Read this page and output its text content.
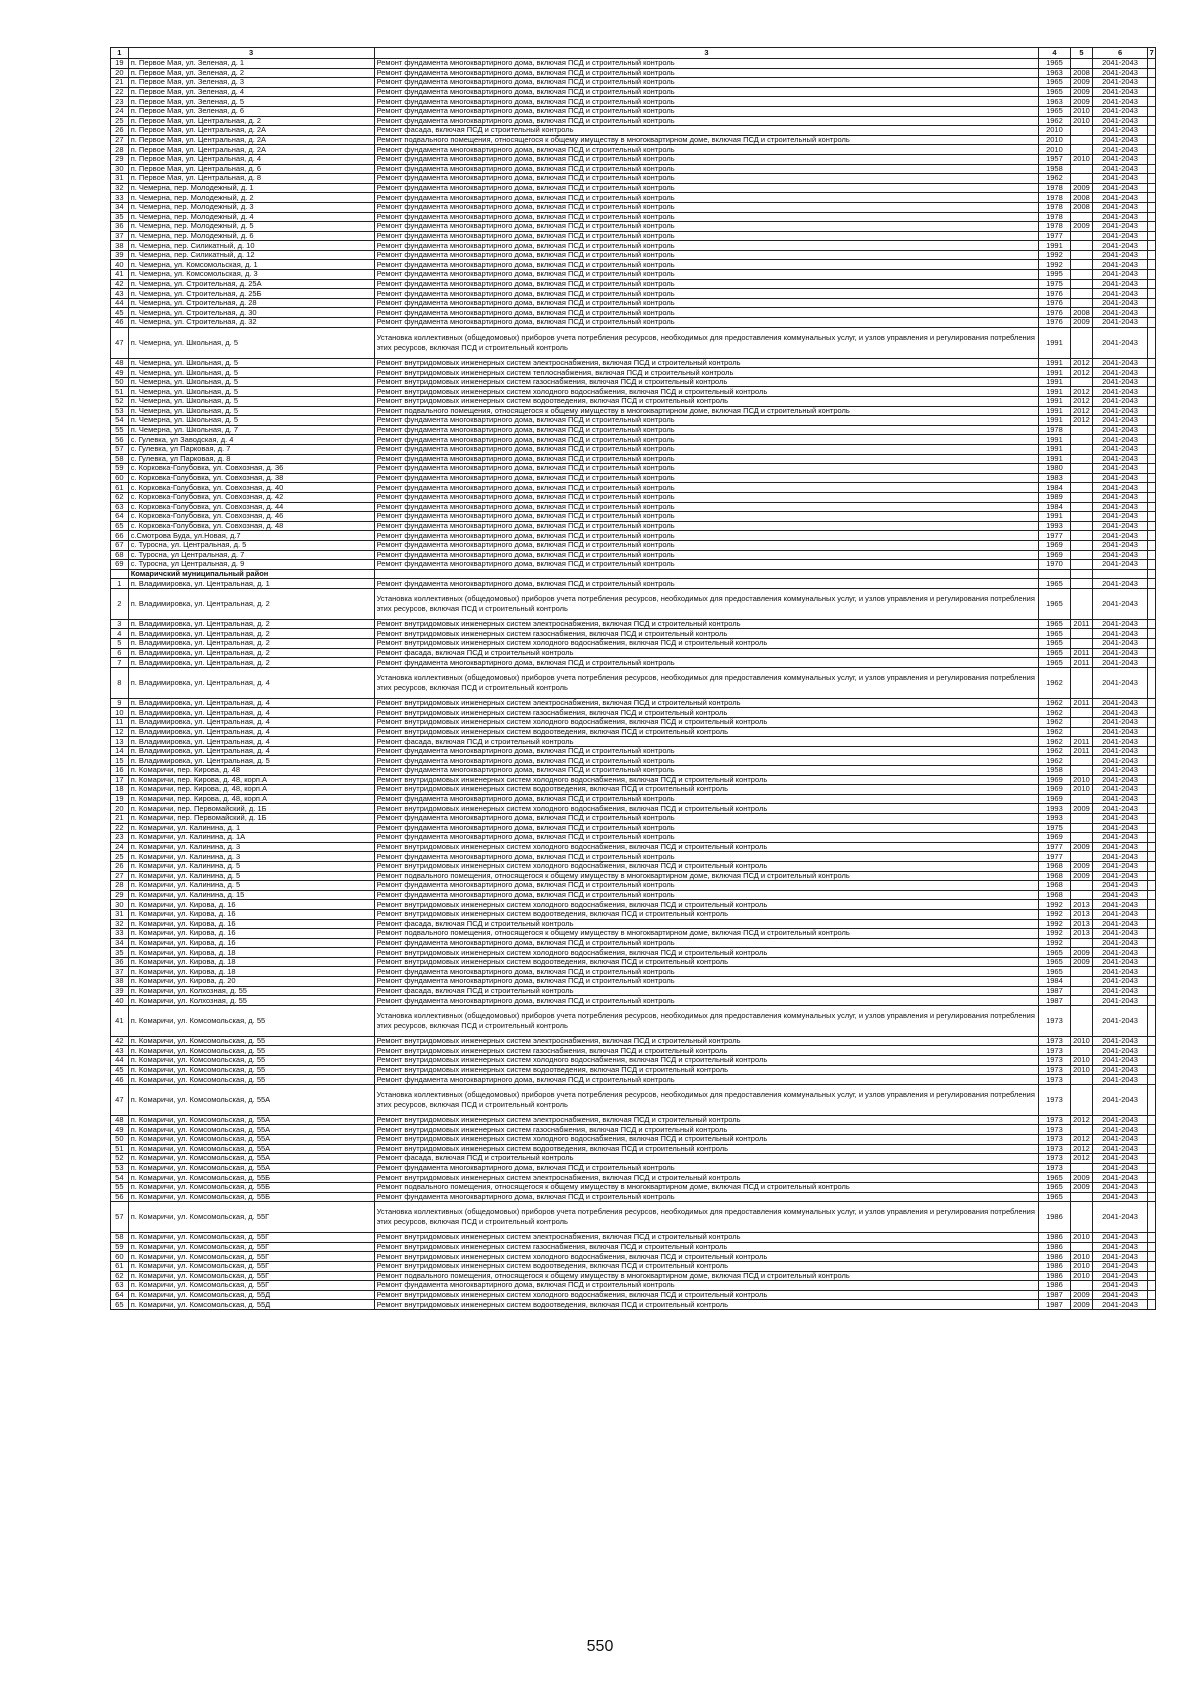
1	3	3	4	5	6	7
19	п. Первое Мая, ул. Зеленая, д. 1	Ремонт фундамента многоквартирного дома, включая ПСД и строительный контроль	1965		2041-2043	
20	п. Первое Мая, ул. Зеленая, д. 2	Ремонт фундамента многоквартирного дома, включая ПСД и строительный контроль	1963	2008	2041-2043	
21	п. Первое Мая, ул. Зеленая, д. 3	Ремонт фундамента многоквартирного дома, включая ПСД и строительный контроль	1965	2009	2041-2043	
22	п. Первое Мая, ул. Зеленая, д. 4	Ремонт фундамента многоквартирного дома, включая ПСД и строительный контроль	1965	2009	2041-2043	
23	п. Первое Мая, ул. Зеленая, д. 5	Ремонт фундамента многоквартирного дома, включая ПСД и строительный контроль	1963	2009	2041-2043	
24	п. Первое Мая, ул. Зеленая, д. 6	Ремонт фундамента многоквартирного дома, включая ПСД и строительный контроль	1965	2010	2041-2043	
25	п. Первое Мая, ул. Центральная, д. 2	Ремонт фундамента многоквартирного дома, включая ПСД и строительный контроль	1962	2010	2041-2043	
26	п. Первое Мая, ул. Центральная, д. 2А	Ремонт фасада, включая ПСД и строительный контроль	2010		2041-2043	
27	п. Первое Мая, ул. Центральная, д. 2А	Ремонт подвального помещения, относящегося к общему имуществу в многоквартирном доме, включая ПСД и строительный контроль	2010		2041-2043	
28	п. Первое Мая, ул. Центральная, д. 2А	Ремонт фундамента многоквартирного дома, включая ПСД и строительный контроль	2010		2041-2043	
29	п. Первое Мая, ул. Центральная, д. 4	Ремонт фундамента многоквартирного дома, включая ПСД и строительный контроль	1957	2010	2041-2043	
30	п. Первое Мая, ул. Центральная, д. 6	Ремонт фундамента многоквартирного дома, включая ПСД и строительный контроль	1958		2041-2043	
31	п. Первое Мая, ул. Центральная, д. 8	Ремонт фундамента многоквартирного дома, включая ПСД и строительный контроль	1962		2041-2043	
32	п. Чемерна, пер. Молодежный, д. 1	Ремонт фундамента многоквартирного дома, включая ПСД и строительный контроль	1978	2009	2041-2043	
33	п. Чемерна, пер. Молодежный, д. 2	Ремонт фундамента многоквартирного дома, включая ПСД и строительный контроль	1978	2008	2041-2043	
34	п. Чемерна, пер. Молодежный, д. 3	Ремонт фундамента многоквартирного дома, включая ПСД и строительный контроль	1978	2008	2041-2043	
35	п. Чемерна, пер. Молодежный, д. 4	Ремонт фундамента многоквартирного дома, включая ПСД и строительный контроль	1978		2041-2043	
36	п. Чемерна, пер. Молодежный, д. 5	Ремонт фундамента многоквартирного дома, включая ПСД и строительный контроль	1978	2009	2041-2043	
37	п. Чемерна, пер. Молодежный, д. 6	Ремонт фундамента многоквартирного дома, включая ПСД и строительный контроль	1977		2041-2043	
38	п. Чемерна, пер. Силикатный, д. 10	Ремонт фундамента многоквартирного дома, включая ПСД и строительный контроль	1991		2041-2043	
39	п. Чемерна, пер. Силикатный, д. 12	Ремонт фундамента многоквартирного дома, включая ПСД и строительный контроль	1992		2041-2043	
40	п. Чемерна, ул. Комсомольская, д. 1	Ремонт фундамента многоквартирного дома, включая ПСД и строительный контроль	1992		2041-2043	
41	п. Чемерна, ул. Комсомольская, д. 3	Ремонт фундамента многоквартирного дома, включая ПСД и строительный контроль	1995		2041-2043	
42	п. Чемерна, ул. Строительная, д. 25А	Ремонт фундамента многоквартирного дома, включая ПСД и строительный контроль	1975		2041-2043	
43	п. Чемерна, ул. Строительная, д. 25Б	Ремонт фундамента многоквартирного дома, включая ПСД и строительный контроль	1976		2041-2043	
44	п. Чемерна, ул. Строительная, д. 28	Ремонт фундамента многоквартирного дома, включая ПСД и строительный контроль	1976		2041-2043	
45	п. Чемерна, ул. Строительная, д. 30	Ремонт фундамента многоквартирного дома, включая ПСД и строительный контроль	1976	2008	2041-2043	
46	п. Чемерна, ул. Строительная, д. 32	Ремонт фундамента многоквартирного дома, включая ПСД и строительный контроль	1976	2009	2041-2043	
47	п. Чемерна, ул. Школьная, д. 5	Установка коллективных (общедомовых) приборов учета потребления ресурсов, необходимых для предоставления коммунальных услуг, и узлов управления и регулирования потребления этих ресурсов, включая ПСД и строительный контроль	1991		2041-2043	
48	п. Чемерна, ул. Школьная, д. 5	Ремонт внутридомовых инженерных систем электроснабжения, включая ПСД и строительный контроль	1991	2012	2041-2043	
49	п. Чемерна, ул. Школьная, д. 5	Ремонт внутридомовых инженерных систем теплоснабжения, включая ПСД и строительный контроль	1991	2012	2041-2043	
50	п. Чемерна, ул. Школьная, д. 5	Ремонт внутридомовых инженерных систем газоснабжения, включая ПСД и строительный контроль	1991		2041-2043	
51	п. Чемерна, ул. Школьная, д. 5	Ремонт внутридомовых инженерных систем холодного водоснабжения, включая ПСД и строительный контроль	1991	2012	2041-2043	
52	п. Чемерна, ул. Школьная, д. 5	Ремонт внутридомовых инженерных систем водоотведения, включая ПСД и строительный контроль	1991	2012	2041-2043	
53	п. Чемерна, ул. Школьная, д. 5	Ремонт подвального помещения, относящегося к общему имуществу в многоквартирном доме, включая ПСД и строительный контроль	1991	2012	2041-2043	
54	п. Чемерна, ул. Школьная, д. 5	Ремонт фундамента многоквартирного дома, включая ПСД и строительный контроль	1991	2012	2041-2043	
55	п. Чемерна, ул. Школьная, д. 7	Ремонт фундамента многоквартирного дома, включая ПСД и строительный контроль	1978		2041-2043	
56	с. Гулевка, ул Заводская, д. 4	Ремонт фундамента многоквартирного дома, включая ПСД и строительный контроль	1991		2041-2043	
57	с. Гулевка, ул Парковая, д. 7	Ремонт фундамента многоквартирного дома, включая ПСД и строительный контроль	1991		2041-2043	
58	с. Гулевка, ул Парковая, д. 8	Ремонт фундамента многоквартирного дома, включая ПСД и строительный контроль	1991		2041-2043	
59	с. Корковка-Голубовка, ул. Совхозная, д. 36	Ремонт фундамента многоквартирного дома, включая ПСД и строительный контроль	1980		2041-2043	
60	с. Корковка-Голубовка, ул. Совхозная, д. 38	Ремонт фундамента многоквартирного дома, включая ПСД и строительный контроль	1983		2041-2043	
61	с. Корковка-Голубовка, ул. Совхозная, д. 40	Ремонт фундамента многоквартирного дома, включая ПСД и строительный контроль	1984		2041-2043	
62	с. Корковка-Голубовка, ул. Совхозная, д. 42	Ремонт фундамента многоквартирного дома, включая ПСД и строительный контроль	1989		2041-2043	
63	с. Корковка-Голубовка, ул. Совхозная, д. 44	Ремонт фундамента многоквартирного дома, включая ПСД и строительный контроль	1984		2041-2043	
64	с. Корковка-Голубовка, ул. Совхозная, д. 46	Ремонт фундамента многоквартирного дома, включая ПСД и строительный контроль	1991		2041-2043	
65	с. Корковка-Голубовка, ул. Совхозная, д. 48	Ремонт фундамента многоквартирного дома, включая ПСД и строительный контроль	1993		2041-2043	
66	с.Смотрова Буда, ул.Новая, д.7	Ремонт фундамента многоквартирного дома, включая ПСД и строительный контроль	1977		2041-2043	
67	с. Туросна, ул. Центральная, д. 5	Ремонт фундамента многоквартирного дома, включая ПСД и строительный контроль	1969		2041-2043	
68	с. Туросна, ул Центральная, д. 7	Ремонт фундамента многоквартирного дома, включая ПСД и строительный контроль	1969		2041-2043	
69	с. Туросна, ул Центральная, д. 9	Ремонт фундамента многоквартирного дома, включая ПСД и строительный контроль	1970		2041-2043	
	Комаричский муниципальный район					
1	п. Владимировка, ул. Центральная, д. 1	Ремонт фундамента многоквартирного дома, включая ПСД и строительный контроль	1965		2041-2043	
2	п. Владимировка, ул. Центральная, д. 2	Установка коллективных (общедомовых) приборов учета потребления ресурсов, необходимых для предоставления коммунальных услуг, и узлов управления и регулирования потребления этих ресурсов, включая ПСД и строительный контроль	1965		2041-2043	
3	п. Владимировка, ул. Центральная, д. 2	Ремонт внутридомовых инженерных систем электроснабжения, включая ПСД и строительный контроль	1965	2011	2041-2043	
4	п. Владимировка, ул. Центральная, д. 2	Ремонт внутридомовых инженерных систем газоснабжения, включая ПСД и строительный контроль	1965		2041-2043	
5	п. Владимировка, ул. Центральная, д. 2	Ремонт внутридомовых инженерных систем холодного водоснабжения, включая ПСД и строительный контроль	1965		2041-2043	
6	п. Владимировка, ул. Центральная, д. 2	Ремонт фасада, включая ПСД и строительный контроль	1965	2011	2041-2043	
7	п. Владимировка, ул. Центральная, д. 2	Ремонт фундамента многоквартирного дома, включая ПСД и строительный контроль	1965	2011	2041-2043	
8	п. Владимировка, ул. Центральная, д. 4	Установка коллективных (общедомовых) приборов учета потребления ресурсов, необходимых для предоставления коммунальных услуг, и узлов управления и регулирования потребления этих ресурсов, включая ПСД и строительный контроль	1962		2041-2043	
9	п. Владимировка, ул. Центральная, д. 4	Ремонт внутридомовых инженерных систем электроснабжения, включая ПСД и строительный контроль	1962	2011	2041-2043	
10	п. Владимировка, ул. Центральная, д. 4	Ремонт внутридомовых инженерных систем газоснабжения, включая ПСД и строительный контроль	1962		2041-2043	
11	п. Владимировка, ул. Центральная, д. 4	Ремонт внутридомовых инженерных систем холодного водоснабжения, включая ПСД и строительный контроль	1962		2041-2043	
12	п. Владимировка, ул. Центральная, д. 4	Ремонт внутридомовых инженерных систем водоотведения, включая ПСД и строительный контроль	1962		2041-2043	
13	п. Владимировка, ул. Центральная, д. 4	Ремонт фасада, включая ПСД и строительный контроль	1962	2011	2041-2043	
14	п. Владимировка, ул. Центральная, д. 4	Ремонт фундамента многоквартирного дома, включая ПСД и строительный контроль	1962	2011	2041-2043	
15	п. Владимировка, ул. Центральная, д. 5	Ремонт фундамента многоквартирного дома, включая ПСД и строительный контроль	1962		2041-2043	
16	п. Комаричи, пер. Кирова, д. 48	Ремонт фундамента многоквартирного дома, включая ПСД и строительный контроль	1958		2041-2043	
17	п. Комаричи, пер. Кирова, д. 48, корп.А	Ремонт внутридомовых инженерных систем холодного водоснабжения, включая ПСД и строительный контроль	1969	2010	2041-2043	
18	п. Комаричи, пер. Кирова, д. 48, корп.А	Ремонт внутридомовых инженерных систем водоотведения, включая ПСД и строительный контроль	1969	2010	2041-2043	
19	п. Комаричи, пер. Кирова, д. 48, корп.А	Ремонт фундамента многоквартирного дома, включая ПСД и строительный контроль	1969		2041-2043	
20	п. Комаричи, пер. Первомайский, д. 1Б	Ремонт внутридомовых инженерных систем холодного водоснабжения, включая ПСД и строительный контроль	1993	2009	2041-2043	
21	п. Комаричи, пер. Первомайский, д. 1Б	Ремонт фундамента многоквартирного дома, включая ПСД и строительный контроль	1993		2041-2043	
22	п. Комаричи, ул. Калинина, д. 1	Ремонт фундамента многоквартирного дома, включая ПСД и строительный контроль	1975		2041-2043	
23	п. Комаричи, ул. Калинина, д. 1А	Ремонт фундамента многоквартирного дома, включая ПСД и строительный контроль	1969		2041-2043	
24	п. Комаричи, ул. Калинина, д. 3	Ремонт внутридомовых инженерных систем холодного водоснабжения, включая ПСД и строительный контроль	1977	2009	2041-2043	
25	п. Комаричи, ул. Калинина, д. 3	Ремонт фундамента многоквартирного дома, включая ПСД и строительный контроль	1977		2041-2043	
26	п. Комаричи, ул. Калинина, д. 5	Ремонт внутридомовых инженерных систем холодного водоснабжения, включая ПСД и строительный контроль	1968	2009	2041-2043	
27	п. Комаричи, ул. Калинина, д. 5	Ремонт подвального помещения, относящегося к общему имуществу в многоквартирном доме, включая ПСД и строительный контроль	1968	2009	2041-2043	
28	п. Комаричи, ул. Калинина, д. 5	Ремонт фундамента многоквартирного дома, включая ПСД и строительный контроль	1968		2041-2043	
29	п. Комаричи, ул. Калинина, д. 15	Ремонт фундамента многоквартирного дома, включая ПСД и строительный контроль	1968		2041-2043	
30	п. Комаричи, ул. Кирова, д. 16	Ремонт внутридомовых инженерных систем холодного водоснабжения, включая ПСД и строительный контроль	1992	2013	2041-2043	
31	п. Комаричи, ул. Кирова, д. 16	Ремонт внутридомовых инженерных систем водоотведения, включая ПСД и строительный контроль	1992	2013	2041-2043	
32	п. Комаричи, ул. Кирова, д. 16	Ремонт фасада, включая ПСД и строительный контроль	1992	2013	2041-2043	
33	п. Комаричи, ул. Кирова, д. 16	Ремонт подвального помещения, относящегося к общему имуществу в многоквартирном доме, включая ПСД и строительный контроль	1992	2013	2041-2043	
34	п. Комаричи, ул. Кирова, д. 16	Ремонт фундамента многоквартирного дома, включая ПСД и строительный контроль	1992		2041-2043	
35	п. Комаричи, ул. Кирова, д. 18	Ремонт внутридомовых инженерных систем холодного водоснабжения, включая ПСД и строительный контроль	1965	2009	2041-2043	
36	п. Комаричи, ул. Кирова, д. 18	Ремонт внутридомовых инженерных систем водоотведения, включая ПСД и строительный контроль	1965	2009	2041-2043	
37	п. Комаричи, ул. Кирова, д. 18	Ремонт фундамента многоквартирного дома, включая ПСД и строительный контроль	1965		2041-2043	
38	п. Комаричи, ул. Кирова, д. 20	Ремонт фундамента многоквартирного дома, включая ПСД и строительный контроль	1984		2041-2043	
39	п. Комаричи, ул. Колхозная, д. 55	Ремонт фасада, включая ПСД и строительный контроль	1987		2041-2043	
40	п. Комаричи, ул. Колхозная, д. 55	Ремонт фундамента многоквартирного дома, включая ПСД и строительный контроль	1987		2041-2043	
41	п. Комаричи, ул. Комсомольская, д. 55	Установка коллективных (общедомовых) приборов учета потребления ресурсов, необходимых для предоставления коммунальных услуг, и узлов управления и регулирования потребления этих ресурсов, включая ПСД и строительный контроль	1973		2041-2043	
42	п. Комаричи, ул. Комсомольская, д. 55	Ремонт внутридомовых инженерных систем электроснабжения, включая ПСД и строительный контроль	1973	2010	2041-2043	
43	п. Комаричи, ул. Комсомольская, д. 55	Ремонт внутридомовых инженерных систем газоснабжения, включая ПСД и строительный контроль	1973		2041-2043	
44	п. Комаричи, ул. Комсомольская, д. 55	Ремонт внутридомовых инженерных систем холодного водоснабжения, включая ПСД и строительный контроль	1973	2010	2041-2043	
45	п. Комаричи, ул. Комсомольская, д. 55	Ремонт внутридомовых инженерных систем водоотведения, включая ПСД и строительный контроль	1973	2010	2041-2043	
46	п. Комаричи, ул. Комсомольская, д. 55	Ремонт фундамента многоквартирного дома, включая ПСД и строительный контроль	1973		2041-2043	
47	п. Комаричи, ул. Комсомольская, д. 55А	Установка коллективных (общедомовых) приборов учета потребления ресурсов, необходимых для предоставления коммунальных услуг, и узлов управления и регулирования потребления этих ресурсов, включая ПСД и строительный контроль	1973		2041-2043	
48	п. Комаричи, ул. Комсомольская, д. 55А	Ремонт внутридомовых инженерных систем электроснабжения, включая ПСД и строительный контроль	1973	2012	2041-2043	
49	п. Комаричи, ул. Комсомольская, д. 55А	Ремонт внутридомовых инженерных систем газоснабжения, включая ПСД и строительный контроль	1973		2041-2043	
50	п. Комаричи, ул. Комсомольская, д. 55А	Ремонт внутридомовых инженерных систем холодного водоснабжения, включая ПСД и строительный контроль	1973	2012	2041-2043	
51	п. Комаричи, ул. Комсомольская, д. 55А	Ремонт внутридомовых инженерных систем водоотведения, включая ПСД и строительный контроль	1973	2012	2041-2043	
52	п. Комаричи, ул. Комсомольская, д. 55А	Ремонт фасада, включая ПСД и строительный контроль	1973	2012	2041-2043	
53	п. Комаричи, ул. Комсомольская, д. 55А	Ремонт фундамента многоквартирного дома, включая ПСД и строительный контроль	1973		2041-2043	
54	п. Комаричи, ул. Комсомольская, д. 55Б	Ремонт внутридомовых инженерных систем электроснабжения, включая ПСД и строительный контроль	1965	2009	2041-2043	
55	п. Комаричи, ул. Комсомольская, д. 55Б	Ремонт подвального помещения, относящегося к общему имуществу в многоквартирном доме, включая ПСД и строительный контроль	1965	2009	2041-2043	
56	п. Комаричи, ул. Комсомольская, д. 55Б	Ремонт фундамента многоквартирного дома, включая ПСД и строительный контроль	1965		2041-2043	
57	п. Комаричи, ул. Комсомольская, д. 55Г	Установка коллективных (общедомовых) приборов учета потребления ресурсов, необходимых для предоставления коммунальных услуг, и узлов управления и регулирования потребления этих ресурсов, включая ПСД и строительный контроль	1986		2041-2043	
58	п. Комаричи, ул. Комсомольская, д. 55Г	Ремонт внутридомовых инженерных систем электроснабжения, включая ПСД и строительный контроль	1986	2010	2041-2043	
59	п. Комаричи, ул. Комсомольская, д. 55Г	Ремонт внутридомовых инженерных систем газоснабжения, включая ПСД и строительный контроль	1986		2041-2043	
60	п. Комаричи, ул. Комсомольская, д. 55Г	Ремонт внутридомовых инженерных систем холодного водоснабжения, включая ПСД и строительный контроль	1986	2010	2041-2043	
61	п. Комаричи, ул. Комсомольская, д. 55Г	Ремонт внутридомовых инженерных систем водоотведения, включая ПСД и строительный контроль	1986	2010	2041-2043	
62	п. Комаричи, ул. Комсомольская, д. 55Г	Ремонт подвального помещения, относящегося к общему имуществу в многоквартирном доме, включая ПСД и строительный контроль	1986	2010	2041-2043	
63	п. Комаричи, ул. Комсомольская, д. 55Г	Ремонт фундамента многоквартирного дома, включая ПСД и строительный контроль	1986		2041-2043	
64	п. Комаричи, ул. Комсомольская, д. 55Д	Ремонт внутридомовых инженерных систем холодного водоснабжения, включая ПСД и строительный контроль	1987	2009	2041-2043	
65	п. Комаричи, ул. Комсомольская, д. 55Д	Ремонт внутридомовых инженерных систем водоотведения, включая ПСД и строительный контроль	1987	2009	2041-2043	
550
